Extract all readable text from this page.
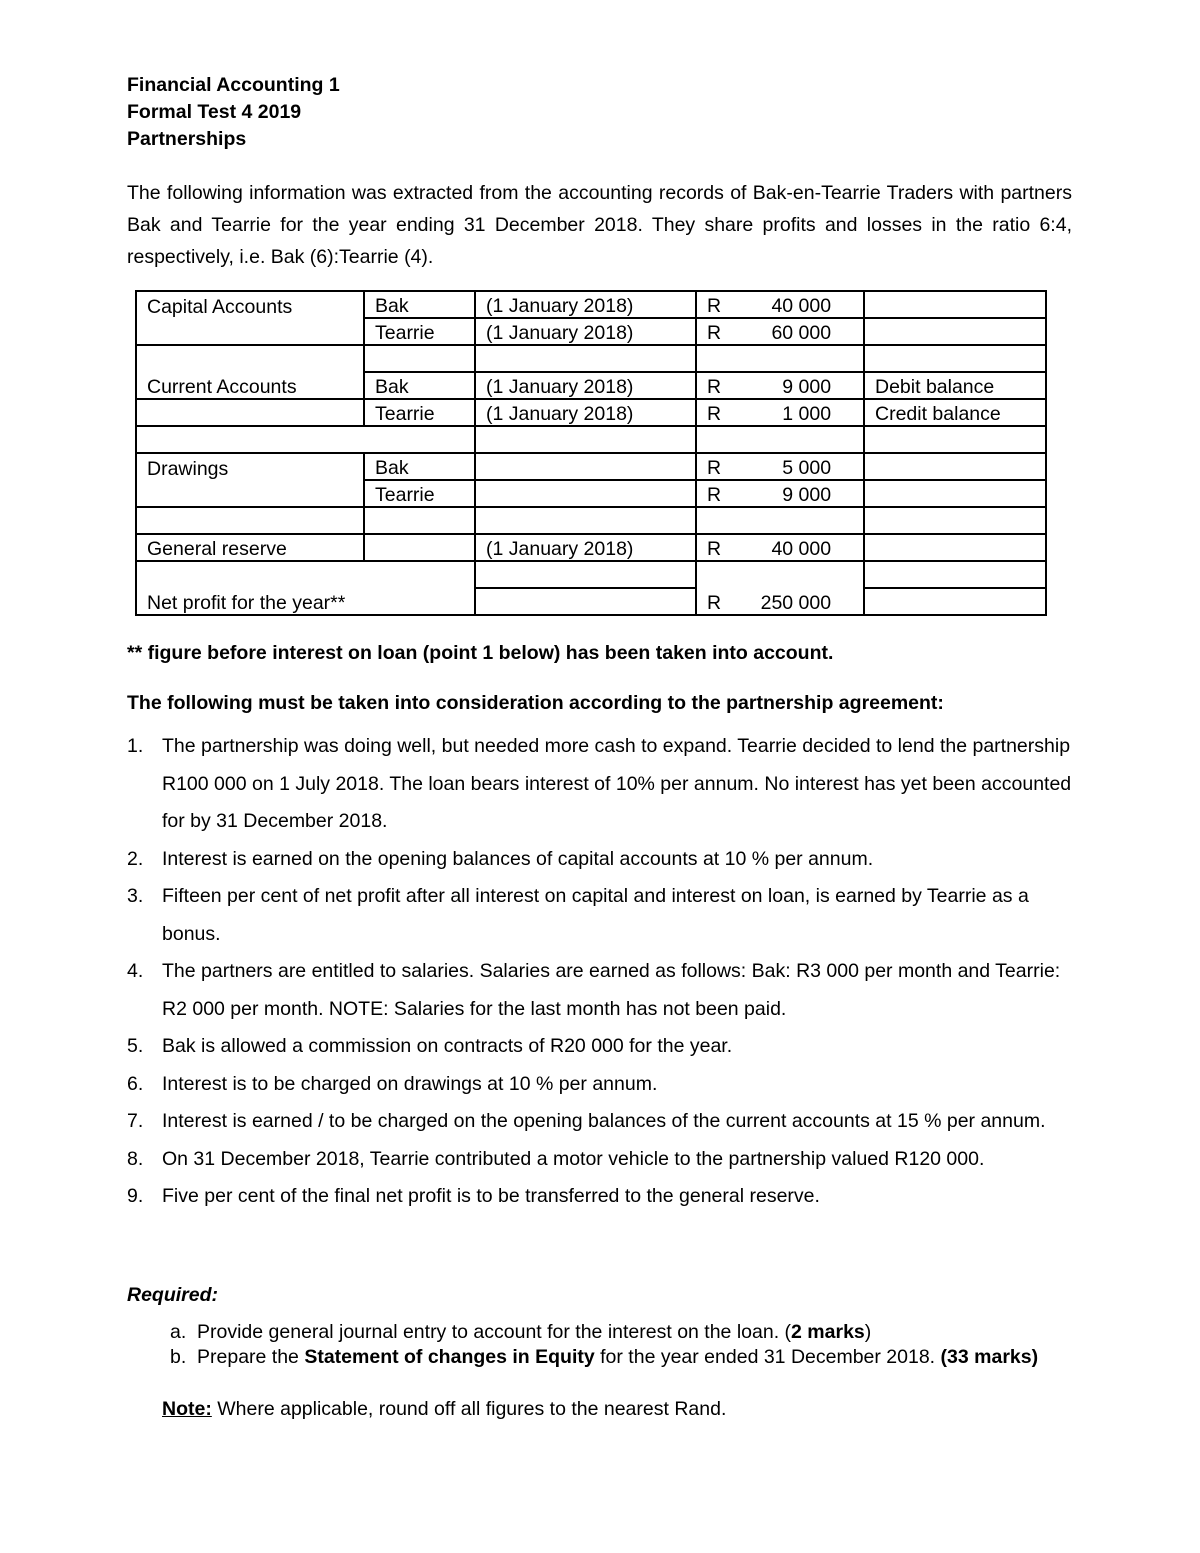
Financial Accounting 1

Formal Test 4 2019

Partnerships

The following information was extracted from the accounting records of Bak-en-Tearrie Traders with partners Bak and Tearrie for the year ending 31 December 2018. They share profits and losses in the ratio 6:4, respectively, i.e. Bak (6):Tearrie (4).

Capital Accounts	Bak	(1 January 2018)	R 40 000	
	Tearrie	(1 January 2018)	R 60 000	

Current Accounts	Bak	(1 January 2018)	R 9 000	Debit balance
	Tearrie	(1 January 2018)	R 1 000	Credit balance

Drawings	Bak		R 5 000	
	Tearrie		R 9 000	

General reserve		(1 January 2018)	R 40 000	

Net profit for the year**			R 250 000	
** figure before interest on loan (point 1 below) has been taken into account.
The following must be taken into consideration according to the partnership agreement:
1. The partnership was doing well, but needed more cash to expand. Tearrie decided to lend the partnership R100 000 on 1 July 2018. The loan bears interest of 10% per annum. No interest has yet been accounted for by 31 December 2018.
2. Interest is earned on the opening balances of capital accounts at 10 % per annum.
3. Fifteen per cent of net profit after all interest on capital and interest on loan, is earned by Tearrie as a bonus.
4. The partners are entitled to salaries. Salaries are earned as follows: Bak: R3 000 per month and Tearrie: R2 000 per month. NOTE: Salaries for the last month has not been paid.
5. Bak is allowed a commission on contracts of R20 000 for the year.
6. Interest is to be charged on drawings at 10 % per annum.
7. Interest is earned / to be charged on the opening balances of the current accounts at 15 % per annum.
8. On 31 December 2018, Tearrie contributed a motor vehicle to the partnership valued R120 000.
9. Five per cent of the final net profit is to be transferred to the general reserve.
Required:
a. Provide general journal entry to account for the interest on the loan. (2 marks)
b. Prepare the Statement of changes in Equity for the year ended 31 December 2018. (33 marks)
Note: Where applicable, round off all figures to the nearest Rand.
